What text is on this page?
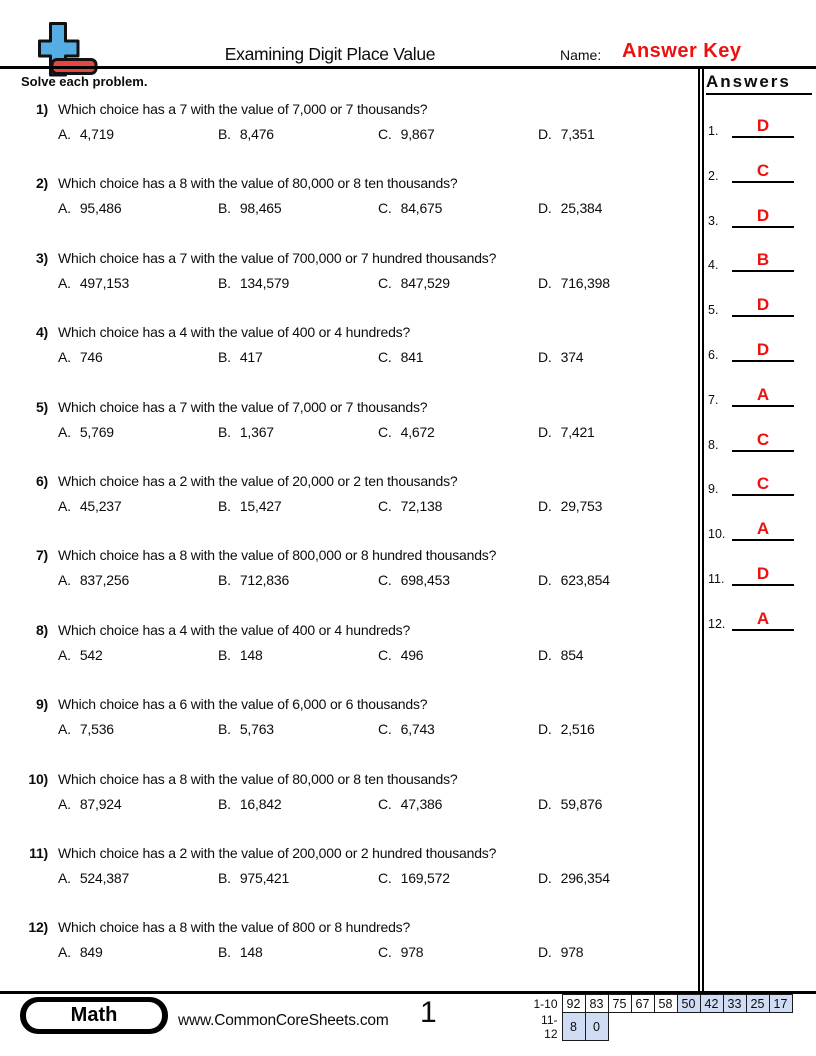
Examining Digit Place Value	Name: Answer Key
Solve each problem.
1) Which choice has a 7 with the value of 7,000 or 7 thousands?
A. 4,719	B. 8,476	C. 9,867	D. 7,351
2) Which choice has a 8 with the value of 80,000 or 8 ten thousands?
A. 95,486	B. 98,465	C. 84,675	D. 25,384
3) Which choice has a 7 with the value of 700,000 or 7 hundred thousands?
A. 497,153	B. 134,579	C. 847,529	D. 716,398
4) Which choice has a 4 with the value of 400 or 4 hundreds?
A. 746	B. 417	C. 841	D. 374
5) Which choice has a 7 with the value of 7,000 or 7 thousands?
A. 5,769	B. 1,367	C. 4,672	D. 7,421
6) Which choice has a 2 with the value of 20,000 or 2 ten thousands?
A. 45,237	B. 15,427	C. 72,138	D. 29,753
7) Which choice has a 8 with the value of 800,000 or 8 hundred thousands?
A. 837,256	B. 712,836	C. 698,453	D. 623,854
8) Which choice has a 4 with the value of 400 or 4 hundreds?
A. 542	B. 148	C. 496	D. 854
9) Which choice has a 6 with the value of 6,000 or 6 thousands?
A. 7,536	B. 5,763	C. 6,743	D. 2,516
10) Which choice has a 8 with the value of 80,000 or 8 ten thousands?
A. 87,924	B. 16,842	C. 47,386	D. 59,876
11) Which choice has a 2 with the value of 200,000 or 2 hundred thousands?
A. 524,387	B. 975,421	C. 169,572	D. 296,354
12) Which choice has a 8 with the value of 800 or 8 hundreds?
A. 849	B. 148	C. 978	D. 978
Answers
1.	D
2.	C
3.	D
4.	B
5.	D
6.	D
7.	A
8.	C
9.	C
10.	A
11.	D
12.	A
Math	www.CommonCoreSheets.com 1	1-10	92	83	75	67	58	50	42	33	25	17
11-12	8	0								
